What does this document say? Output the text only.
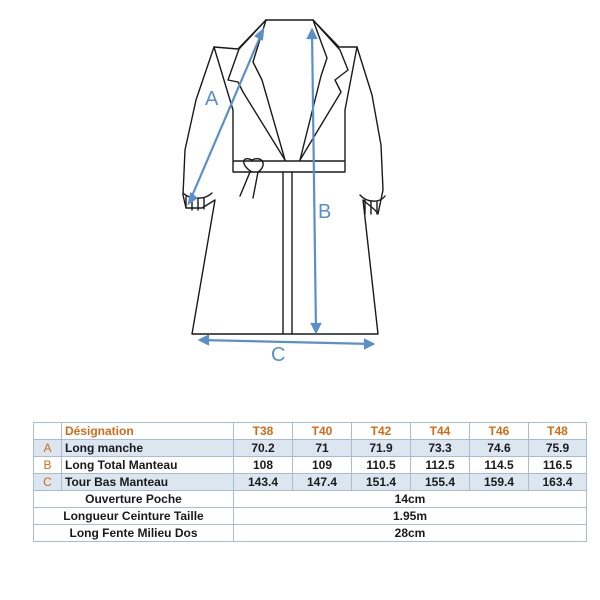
A
B
C
	Désignation	T38	T40	T42	T44	T46	T48
A	Long manche	70.2	71	71.9	73.3	74.6	75.9
B	Long Total Manteau	108	109	110.5	112.5	114.5	116.5
C	Tour Bas Manteau	143.4	147.4	151.4	155.4	159.4	163.4
Ouverture Poche		14cm					
Longueur Ceinture Taille		1.95m					
Long Fente Milieu Dos		28cm					
